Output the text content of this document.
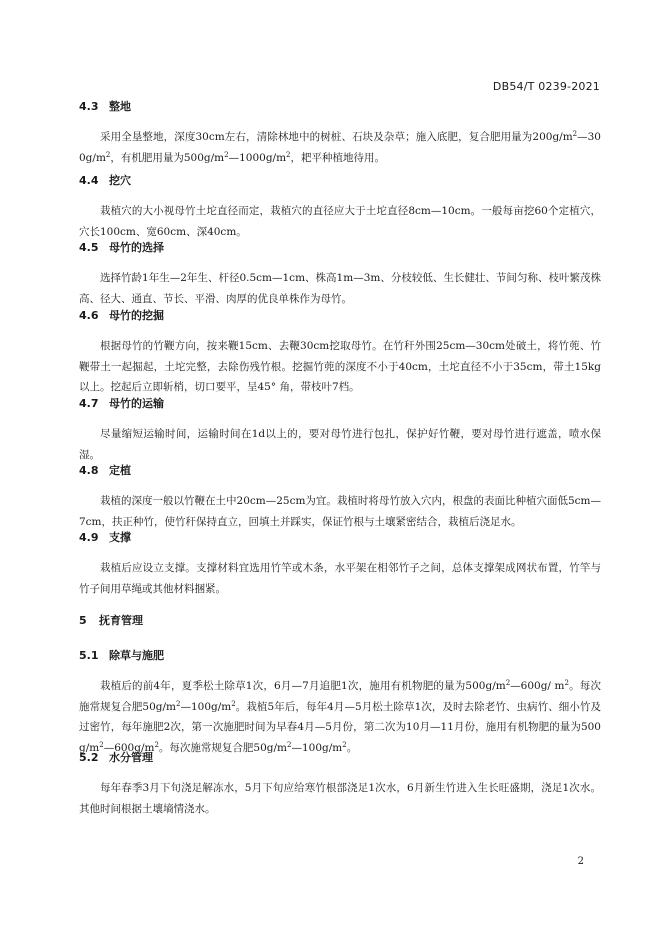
DB54/T 0239-2021
4.3 整地

采用全垦整地，深度30cm左右，清除林地中的树桩、石块及杂草；施入底肥，复合肥用量为$200g/m^2—300g/m^2$，有机肥用量为$500g/m^2—1000g/m^2$，耙平种植地待用。

4.4 挖穴

栽植穴的大小视母竹土坨直径而定，栽植穴的直径应大于土坨直径8cm—10cm。一般每亩挖60个定植穴，穴长100cm、宽60cm、深40cm。

4.5 母竹的选择

选择竹龄1年生—2年生、杆径0.5cm—1cm、株高1m—3m、分枝较低、生长健壮、节间匀称、枝叶繁茂株高、径大、通直、节长、平滑、肉厚的优良单株作为母竹。

4.6 母竹的挖掘

根据母竹的竹鞭方向，按来鞭15cm、去鞭30cm挖取母竹。在竹秆外围25cm—30cm处破土，将竹蔸、竹鞭带土一起掘起，土坨完整，去除伤残竹根。挖掘竹蔸的深度不小于40cm，土坨直径不小于35cm，带土15kg以上。挖起后立即斩梢，切口要平，呈45° 角，带枝叶7档。

4.7 母竹的运输

尽量缩短运输时间，运输时间在1d以上的，要对母竹进行包扎，保护好竹鞭，要对母竹进行遮盖，喷水保湿。

4.8 定植

栽植的深度一般以竹鞭在土中20cm—25cm为宜。栽植时将母竹放入穴内，根盘的表面比种植穴面低5cm—7cm，扶正种竹，使竹秆保持直立，回填土并踩实，保证竹根与土壤紧密结合，栽植后浇足水。

4.9 支撑

栽植后应设立支撑。支撑材料宜选用竹竿或木条，水平架在相邻竹子之间，总体支撑架成网状布置，竹竿与竹子间用草绳或其他材料捆紧。

5 抚育管理
5.1 除草与施肥

栽植后的前4年，夏季松土除草1次，6月—7月追肥1次，施用有机物肥的量为$500g/m^2—600g/$ $m^2$。每次施常规复合肥$50g/m^2—100g/m^2$。栽植5年后，每年4月—5月松土除草1次，及时去除老竹、虫病竹、细小竹及过密竹，每年施肥2次，第一次施肥时间为早春4月—5月份，第二次为10月—11月份，施用有机物肥的量为$500g/m^2—600g/m^2$。每次施常规复合肥$50g/m^2—100g/m^2$。

5.2 水分管理

每年春季3月下旬浇足解冻水，5月下旬应给寒竹根部浇足1次水，6月新生竹进入生长旺盛期，浇足1次水。其他时间根据土壤墒情浇水。

2
